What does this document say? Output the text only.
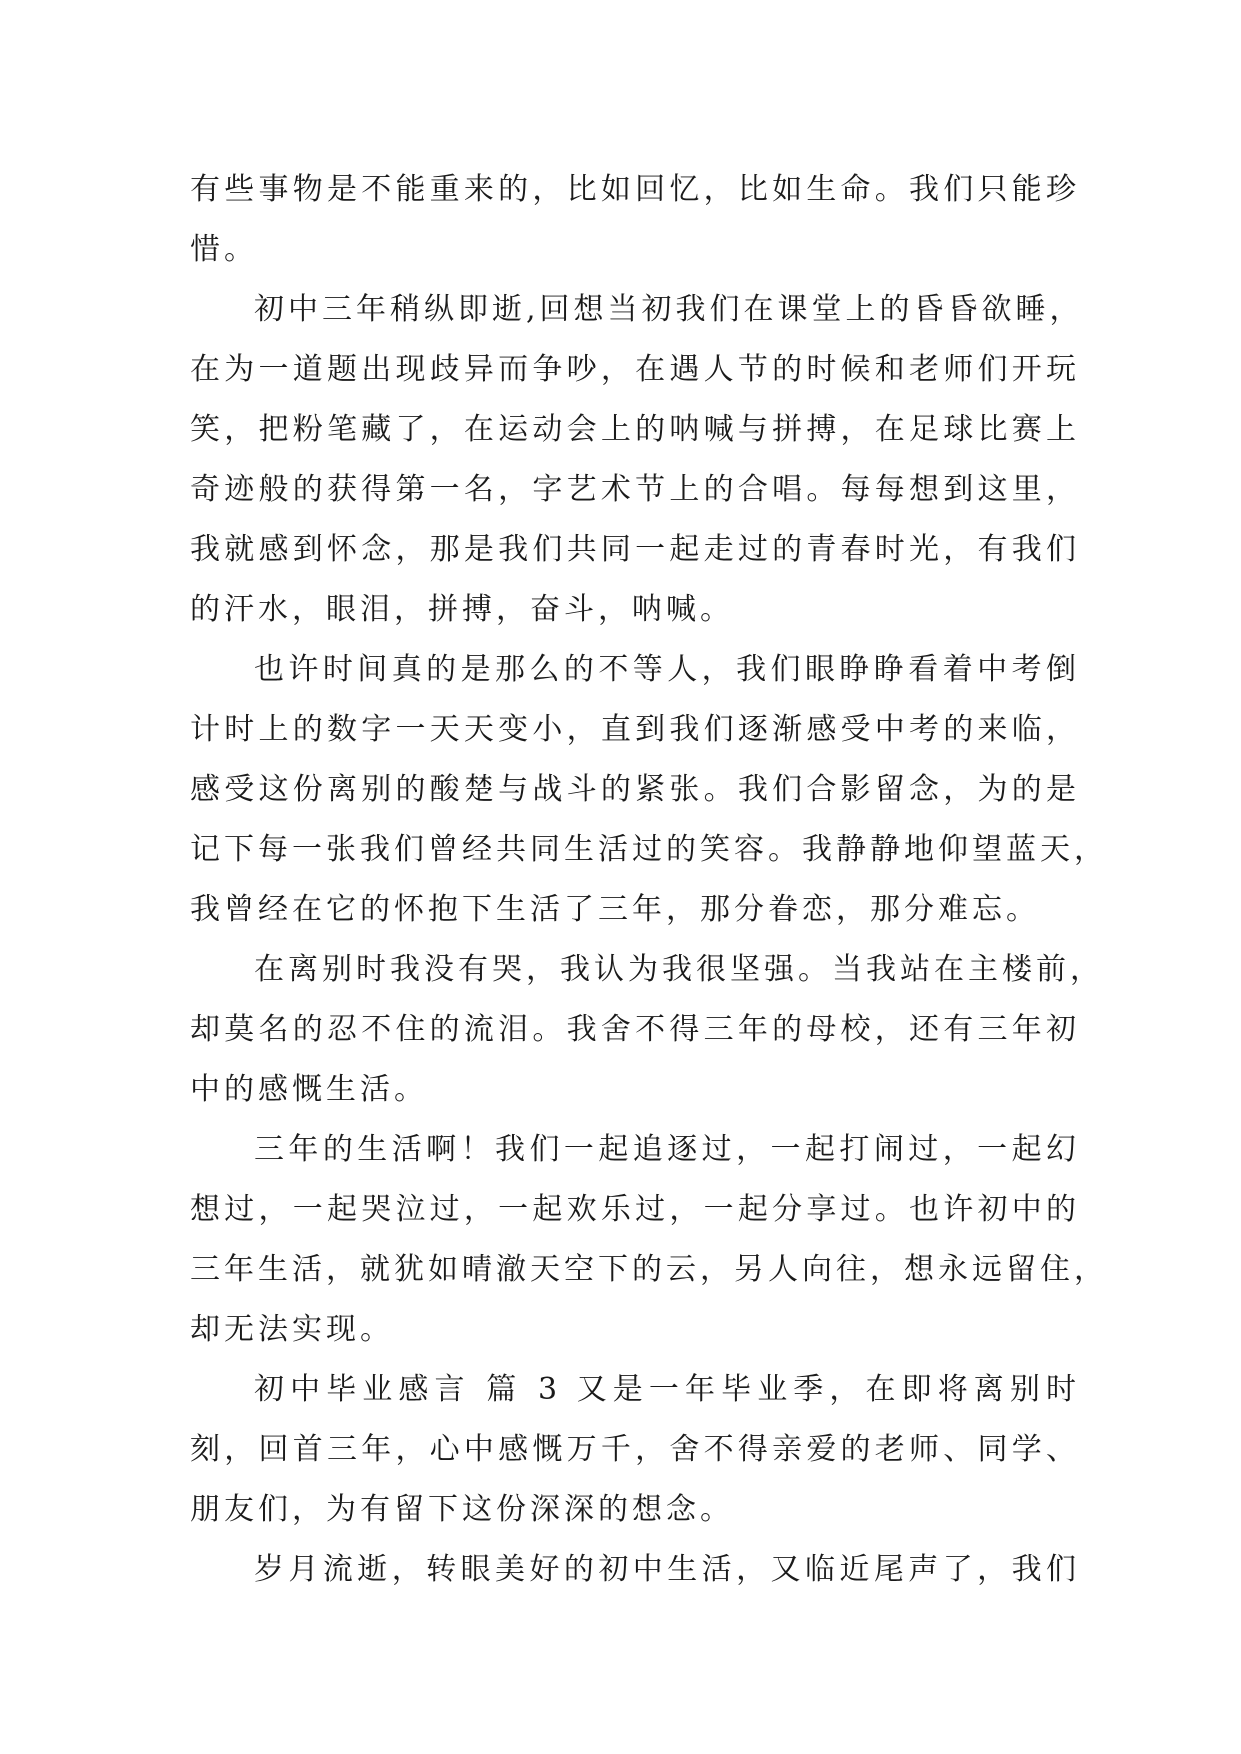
有些事物是不能重来的，比如回忆，比如生命。我们只能珍
惜。
初中三年稍纵即逝,回想当初我们在课堂上的昏昏欲睡，
在为一道题出现歧异而争吵，在遇人节的时候和老师们开玩
笑，把粉笔藏了，在运动会上的呐喊与拼搏，在足球比赛上
奇迹般的获得第一名，字艺术节上的合唱。每每想到这里，
我就感到怀念，那是我们共同一起走过的青春时光，有我们
的汗水，眼泪，拼搏，奋斗，呐喊。
也许时间真的是那么的不等人，我们眼睁睁看着中考倒
计时上的数字一天天变小，直到我们逐渐感受中考的来临，
感受这份离别的酸楚与战斗的紧张。我们合影留念，为的是
记下每一张我们曾经共同生活过的笑容。我静静地仰望蓝天，
我曾经在它的怀抱下生活了三年，那分眷恋，那分难忘。
在离别时我没有哭，我认为我很坚强。当我站在主楼前，
却莫名的忍不住的流泪。我舍不得三年的母校，还有三年初
中的感慨生活。
三年的生活啊！我们一起追逐过，一起打闹过，一起幻
想过，一起哭泣过，一起欢乐过，一起分享过。也许初中的
三年生活，就犹如晴澈天空下的云，另人向往，想永远留住，
却无法实现。
初中毕业感言 篇 3 又是一年毕业季，在即将离别时
刻，回首三年，心中感慨万千，舍不得亲爱的老师、同学、
朋友们，为有留下这份深深的想念。
岁月流逝，转眼美好的初中生活，又临近尾声了，我们
